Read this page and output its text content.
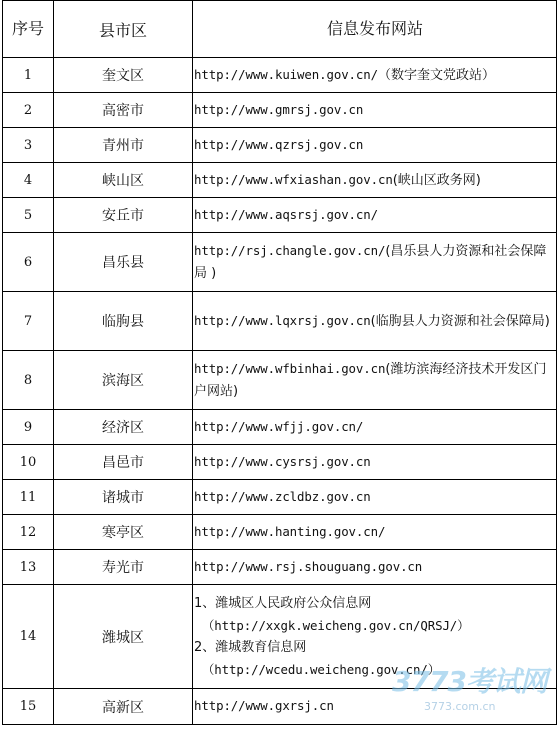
序号	县市区	信息发布网站
1	奎文区	http://www.kuiwen.gov.cn/（数字奎文党政站）
2	高密市	http://www.gmrsj.gov.cn
3	青州市	http://www.qzrsj.gov.cn
4	峡山区	http://www.wfxiashan.gov.cn(峡山区政务网)
5	安丘市	http://www.aqsrsj.gov.cn/
6	昌乐县	http://rsj.changle.gov.cn/(昌乐县人力资源和社会保障局 )
7	临朐县	http://www.lqxrsj.gov.cn(临朐县人力资源和社会保障局)
8	滨海区	http://www.wfbinhai.gov.cn(潍坊滨海经济技术开发区门户网站)
9	经济区	http://www.wfjj.gov.cn/
10	昌邑市	http://www.cysrsj.gov.cn
11	诸城市	http://www.zcldbz.gov.cn
12	寒亭区	http://www.hanting.gov.cn/
13	寿光市	http://www.rsj.shouguang.gov.cn
14	潍城区	1、潍城区人民政府公众信息网
（http://xxgk.weicheng.gov.cn/QRSJ/）
2、潍城教育信息网
（http://wcedu.weicheng.gov.cn/）

15	高新区	http://www.gxrsj.cn
3773考试网
3773.com.cn
